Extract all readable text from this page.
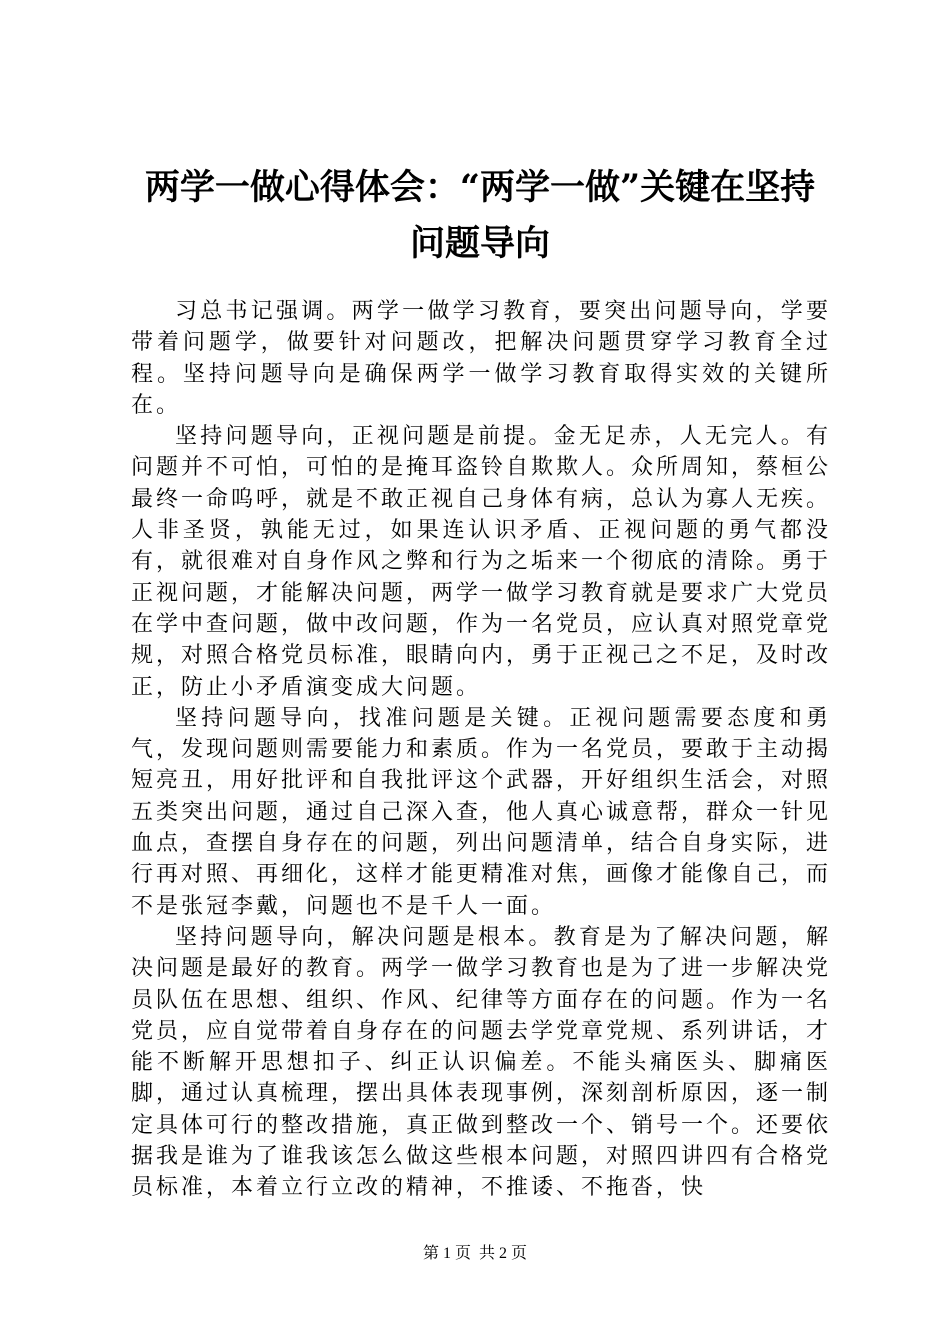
两学一做心得体会：“两学一做”关键在坚持
问题导向

习总书记强调。两学一做学习教育，要突出问题导向，学要带着问题学，做要针对问题改，把解决问题贯穿学习教育全过程。坚持问题导向是确保两学一做学习教育取得实效的关键所在。

坚持问题导向，正视问题是前提。金无足赤，人无完人。有问题并不可怕，可怕的是掩耳盗铃自欺欺人。众所周知，蔡桓公最终一命呜呼，就是不敢正视自己身体有病，总认为寡人无疾。人非圣贤，孰能无过，如果连认识矛盾、正视问题的勇气都没有，就很难对自身作风之弊和行为之垢来一个彻底的清除。勇于正视问题，才能解决问题，两学一做学习教育就是要求广大党员在学中查问题，做中改问题，作为一名党员，应认真对照党章党规，对照合格党员标准，眼睛向内，勇于正视己之不足，及时改正，防止小矛盾演变成大问题。

坚持问题导向，找准问题是关键。正视问题需要态度和勇气，发现问题则需要能力和素质。作为一名党员，要敢于主动揭短亮丑，用好批评和自我批评这个武器，开好组织生活会，对照五类突出问题，通过自己深入查，他人真心诚意帮，群众一针见血点，查摆自身存在的问题，列出问题清单，结合自身实际，进行再对照、再细化，这样才能更精准对焦，画像才能像自己，而不是张冠李戴，问题也不是千人一面。

坚持问题导向，解决问题是根本。教育是为了解决问题，解决问题是最好的教育。两学一做学习教育也是为了进一步解决党员队伍在思想、组织、作风、纪律等方面存在的问题。作为一名党员，应自觉带着自身存在的问题去学党章党规、系列讲话，才能不断解开思想扣子、纠正认识偏差。不能头痛医头、脚痛医脚，通过认真梳理，摆出具体表现事例，深刻剖析原因，逐一制定具体可行的整改措施，真正做到整改一个、销号一个。还要依据我是谁为了谁我该怎么做这些根本问题，对照四讲四有合格党员标准，本着立行立改的精神，不推诿、不拖沓，快

第 1 页  共 2 页
